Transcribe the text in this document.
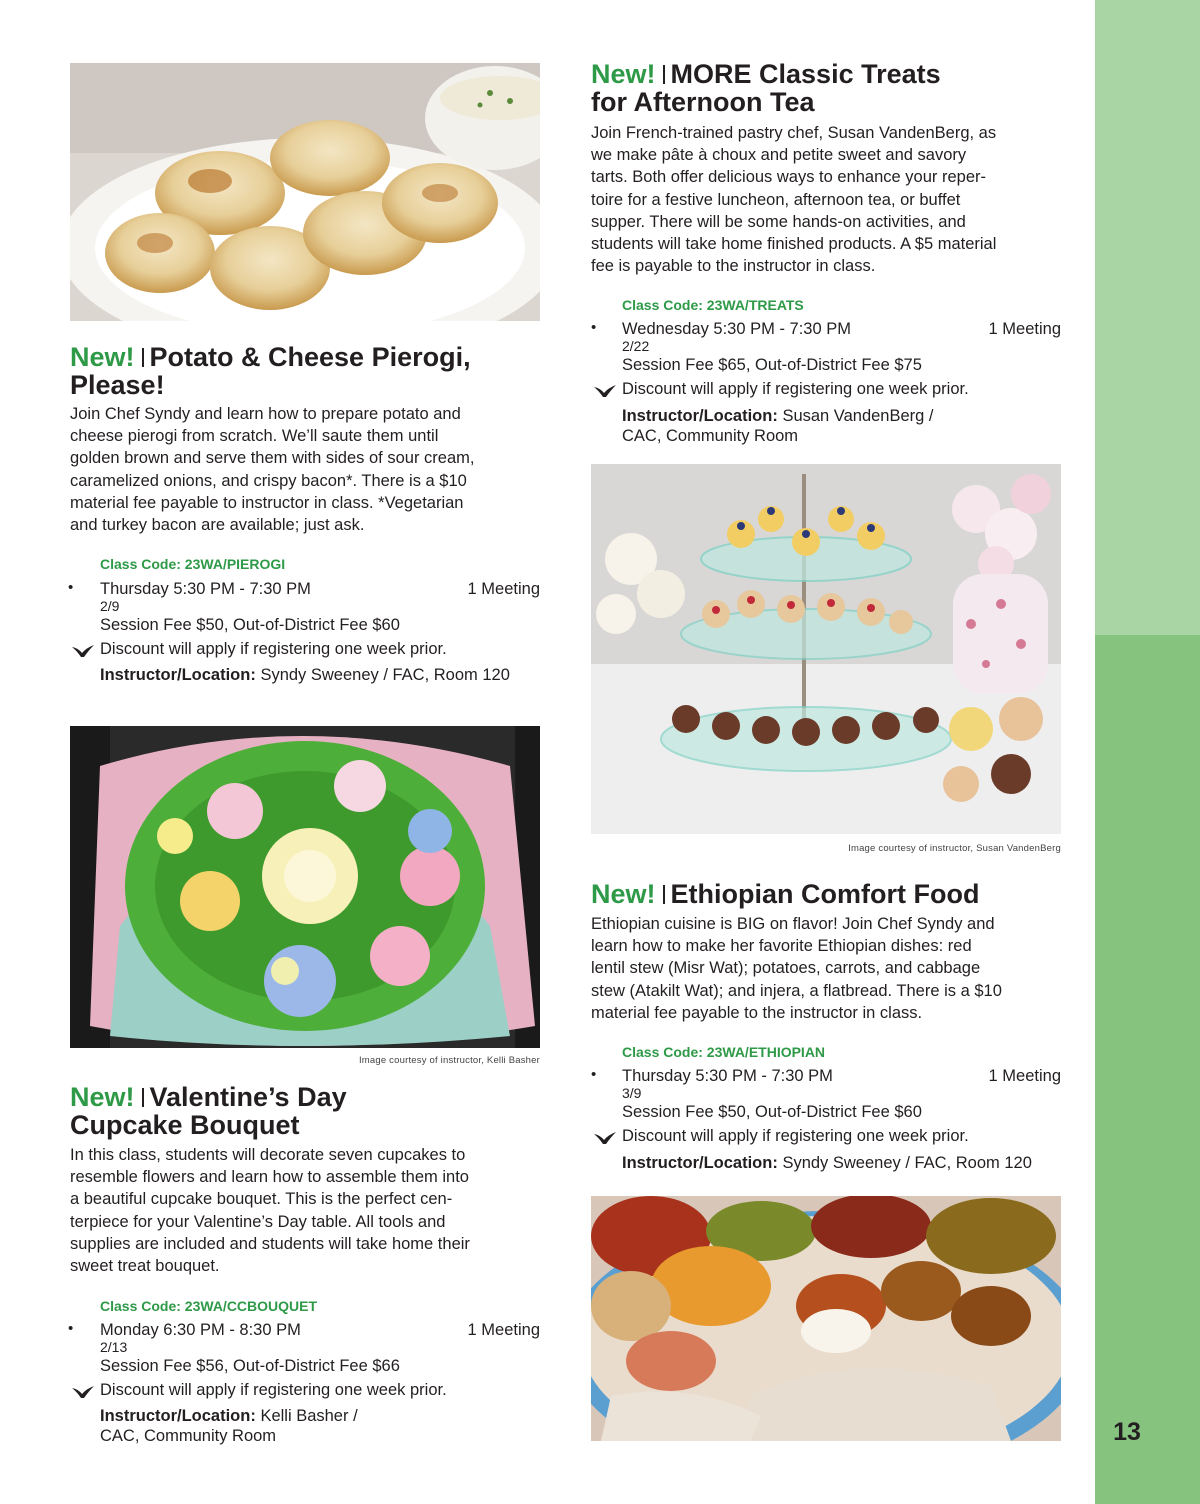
13
New! Potato & Cheese Pierogi,
Please!

Join Chef Syndy and learn how to prepare potato and
cheese pierogi from scratch. We’ll saute them until
golden brown and serve them with sides of sour cream,
caramelized onions, and crispy bacon*. There is a $10
material fee payable to instructor in class. *Vegetarian
and turkey bacon are available; just ask.

Class Code: 23WA/PIEROGI
• Thursday 5:30 PM - 7:30 PM	1 Meeting
2/9
Session Fee $50, Out-of-District Fee $60
Discount will apply if registering one week prior.
Instructor/Location: Syndy Sweeney / FAC, Room 120
Image courtesy of instructor, Kelli Basher
New! Valentine’s Day
Cupcake Bouquet

In this class, students will decorate seven cupcakes to
resemble flowers and learn how to assemble them into
a beautiful cupcake bouquet. This is the perfect cen-
terpiece for your Valentine’s Day table. All tools and
supplies are included and students will take home their
sweet treat bouquet.

Class Code: 23WA/CCBOUQUET
• Monday 6:30 PM - 8:30 PM	1 Meeting
2/13
Session Fee $56, Out-of-District Fee $66
Discount will apply if registering one week prior.
Instructor/Location: Kelli Basher /
CAC, Community Room
New! MORE Classic Treats
for Afternoon Tea

Join French-trained pastry chef, Susan VandenBerg, as
we make pâte à choux and petite sweet and savory
tarts. Both offer delicious ways to enhance your reper-
toire for a festive luncheon, afternoon tea, or buffet
supper. There will be some hands-on activities, and
students will take home finished products. A $5 material
fee is payable to the instructor in class.

Class Code: 23WA/TREATS
• Wednesday 5:30 PM - 7:30 PM	1 Meeting
2/22
Session Fee $65, Out-of-District Fee $75
Discount will apply if registering one week prior.
Instructor/Location: Susan VandenBerg /
CAC, Community Room
Image courtesy of instructor, Susan VandenBerg
New! Ethiopian Comfort Food

Ethiopian cuisine is BIG on flavor! Join Chef Syndy and
learn how to make her favorite Ethiopian dishes: red
lentil stew (Misr Wat); potatoes, carrots, and cabbage
stew (Atakilt Wat); and injera, a flatbread. There is a $10
material fee payable to the instructor in class.

Class Code: 23WA/ETHIOPIAN
• Thursday 5:30 PM - 7:30 PM	1 Meeting
3/9
Session Fee $50, Out-of-District Fee $60
Discount will apply if registering one week prior.
Instructor/Location: Syndy Sweeney / FAC, Room 120
